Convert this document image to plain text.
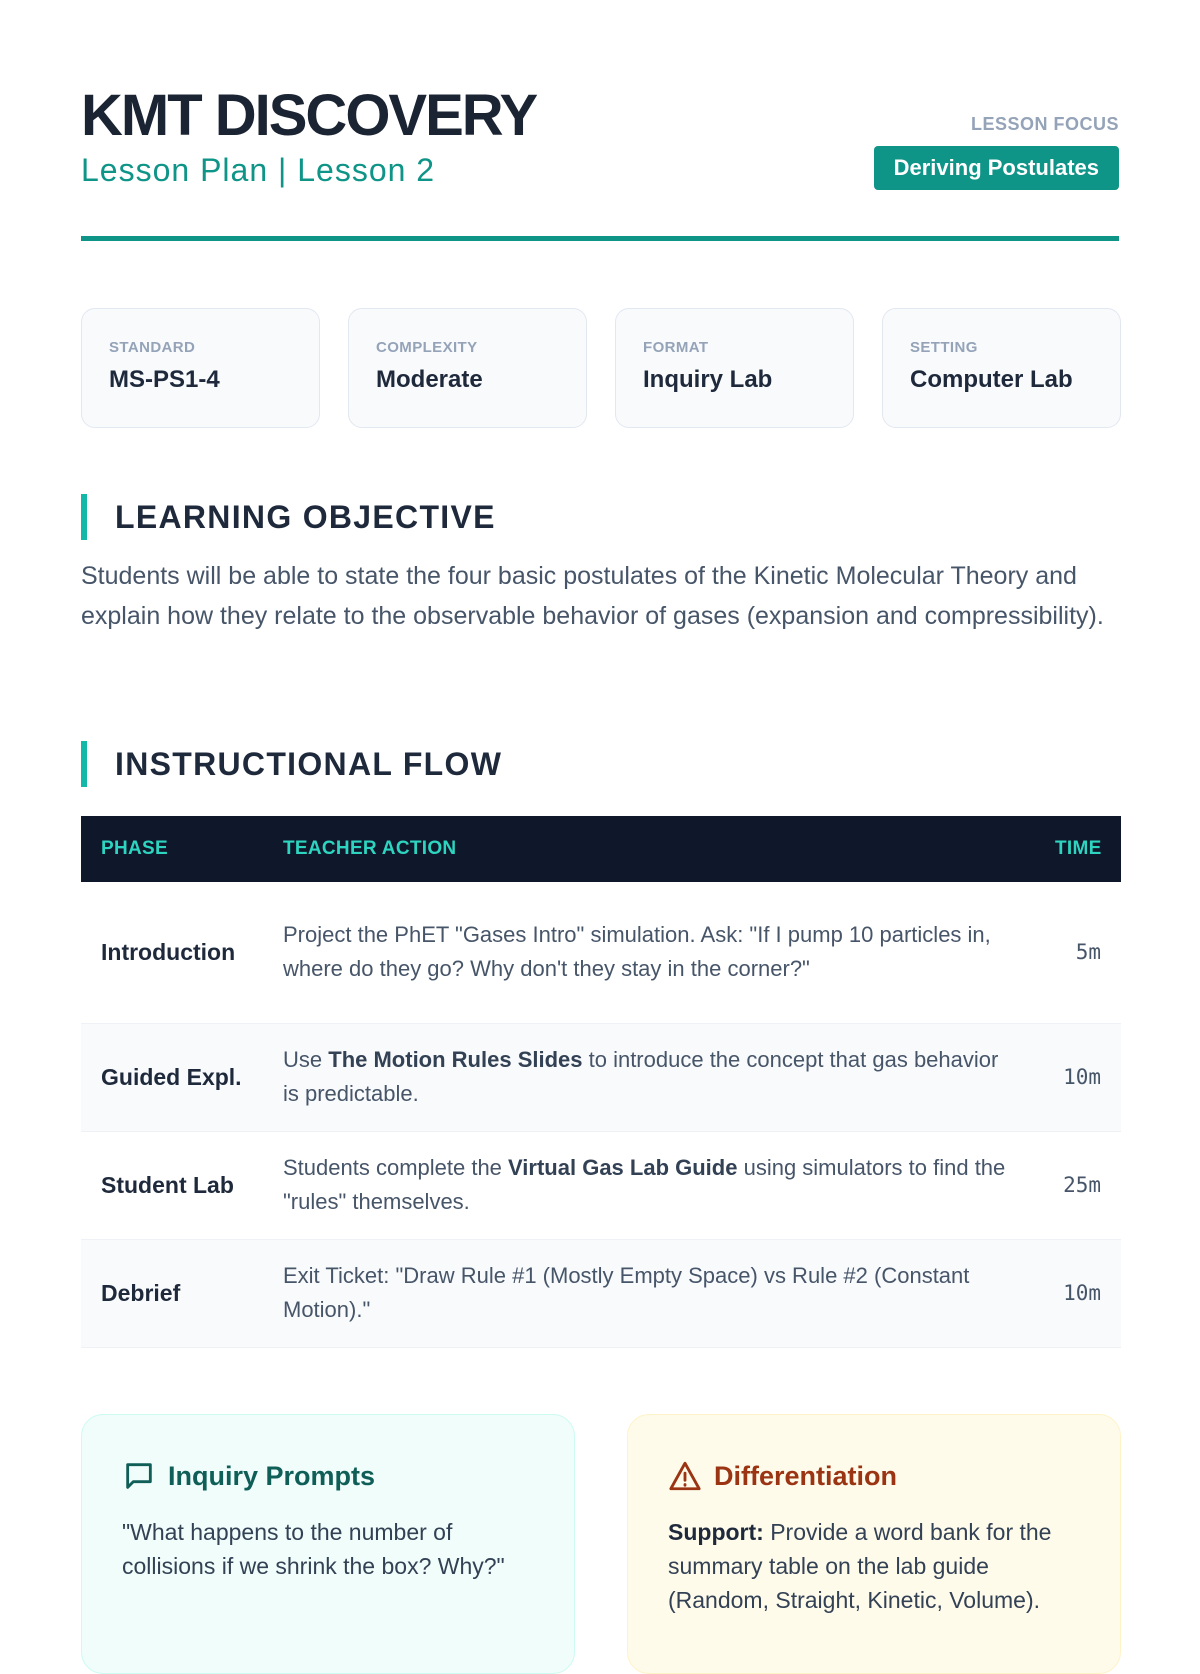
KMT DISCOVERY
Lesson Plan | Lesson 2
LESSON FOCUS
Deriving Postulates
STANDARD
MS-PS1-4
COMPLEXITY
Moderate
FORMAT
Inquiry Lab
SETTING
Computer Lab
LEARNING OBJECTIVE

Students will be able to state the four basic postulates of the Kinetic Molecular Theory and explain how they relate to the observable behavior of gases (expansion and compressibility).

INSTRUCTIONAL FLOW
PHASE	TEACHER ACTION	TIME
Introduction	Project the PhET "Gases Intro" simulation. Ask: "If I pump 10 particles in, where do they go? Why don't they stay in the corner?"	5m
Guided Expl.	Use The Motion Rules Slides to introduce the concept that gas behavior is predictable.	10m
Student Lab	Students complete the Virtual Gas Lab Guide using simulators to find the "rules" themselves.	25m
Debrief	Exit Ticket: "Draw Rule #1 (Mostly Empty Space) vs Rule #2 (Constant Motion)."	10m
Inquiry Prompts

"What happens to the number of collisions if we shrink the box? Why?"

Differentiation

Support: Provide a word bank for the summary table on the lab guide (Random, Straight, Kinetic, Volume).
